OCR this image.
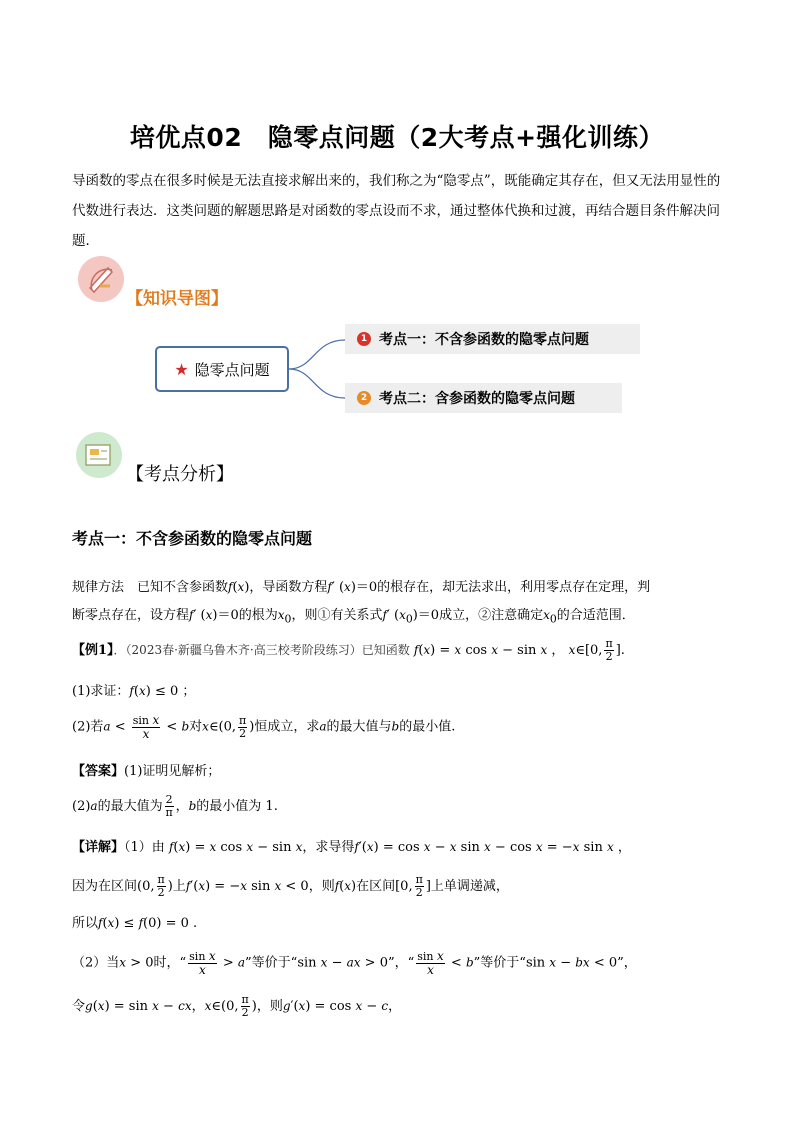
培优点02　隐零点问题（2大考点+强化训练）
导函数的零点在很多时候是无法直接求解出来的，我们称之为“隐零点”，既能确定其存在，但又无法用显性的代数进行表达．这类问题的解题思路是对函数的零点设而不求，通过整体代换和过渡，再结合题目条件解决问题．
【知识导图】
★ 隐零点问题
1 考点一：不含参函数的隐零点问题
2 考点二：含参函数的隐零点问题
【考点分析】
考点一：不含参函数的隐零点问题
规律方法　已知不含参函数f(x)，导函数方程f′ (x)＝0的根存在，却无法求出，利用零点存在定理，判
断零点存在，设方程f′ (x)＝0的根为$x_0$，则①有关系式f′ $(x_0)=0$成立，②注意确定$x_0$的合适范围．
【例1】．（2023春·新疆乌鲁木齐·高三校考阶段练习）已知函数 f(x) = x cos x − sin x ， x∈[0, $\frac{\pi}{2}$ ].
(1)求证：f(x) ≤ 0 ；
(2)若$a < \frac{\text{sin x}}{x} < b$对x∈(0, $\frac{\pi}{2}$ )恒成立，求a的最大值与b的最小值.
【答案】(1)证明见解析；
(2)a的最大值为 $\frac{2}{\pi}$ ，b的最小值为 1.
【详解】（1）由 f(x) = x cos x − sin x，求导得f′(x) = cos x − x sin x − cos x = −x sin x ，
因为在区间(0, $\frac{\pi}{2}$ )上f′(x) = −x sin x < 0，则f(x)在区间[0, $\frac{\pi}{2}$ ]上单调递减，
所以f(x) ≤ f(0) = 0 .
（2）当x > 0时，“ $\frac{\text{sin x}}{x} > a$”等价于“sin x − ax > 0”，“ $\frac{\text{sin x}}{x} < b$”等价于“sin x − bx < 0”，
令g(x) = sin x − cx，x∈(0, $\frac{\pi}{2}$ )，则g′(x) = cos x − c，
